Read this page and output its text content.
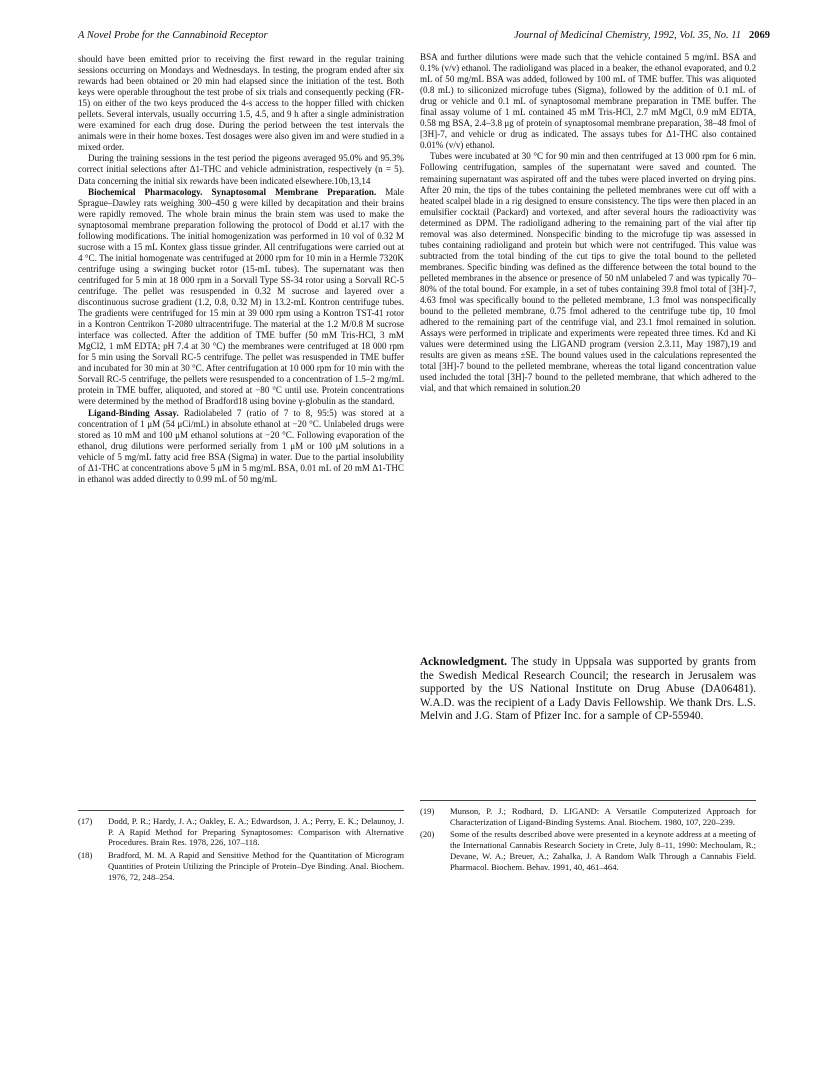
A Novel Probe for the Cannabinoid Receptor	Journal of Medicinal Chemistry, 1992, Vol. 35, No. 11 2069

should have been emitted prior to receiving the first reward in the regular training sessions occurring on Mondays and Wednesdays. In testing, the program ended after six rewards had been obtained or 20 min had elapsed since the initiation of the test. Both keys were operable throughout the test probe of six trials and consequently pecking (FR-15) on either of the two keys produced the 4-s access to the hopper filled with chicken pellets. Several intervals, usually occurring 1.5, 4.5, and 9 h after a single administration were examined for each drug dose. During the period between the test intervals the animals were in their home boxes. Test dosages were also given im and were studied in a mixed order.

During the training sessions in the test period the pigeons averaged 95.0% and 95.3% correct initial selections after Δ1-THC and vehicle administration, respectively (n = 5). Data concerning the initial six rewards have been indicated elsewhere.10b,13,14

Biochemical Pharmacology. Synaptosomal Membrane Preparation. Male Sprague–Dawley rats weighing 300–450 g were killed by decapitation and their brains were rapidly removed. The whole brain minus the brain stem was used to make the synaptosomal membrane preparation following the protocol of Dodd et al.17 with the following modifications. The initial homogenization was performed in 10 vol of 0.32 M sucrose with a 15 mL Kontex glass tissue grinder. All centrifugations were carried out at 4 °C. The initial homogenate was centrifuged at 2000 rpm for 10 min in a Hermle 7320K centrifuge using a swinging bucket rotor (15-mL tubes). The supernatant was then centrifuged for 5 min at 18 000 rpm in a Sorvall Type SS-34 rotor using a Sorvall RC-5 centrifuge. The pellet was resuspended in 0.32 M sucrose and layered over a discontinuous sucrose gradient (1.2, 0.8, 0.32 M) in 13.2-mL Kontron centrifuge tubes. The gradients were centrifuged for 15 min at 39 000 rpm using a Kontron TST-41 rotor in a Kontron Centrikon T-2080 ultracentrifuge. The material at the 1.2 M/0.8 M sucrose interface was collected. After the addition of TME buffer (50 mM Tris-HCl, 3 mM MgCl2, 1 mM EDTA; pH 7.4 at 30 °C) the membranes were centrifuged at 18 000 rpm for 5 min using the Sorvall RC-5 centrifuge. The pellet was resuspended in TME buffer and incubated for 30 min at 30 °C. After centrifugation at 10 000 rpm for 10 min with the Sorvall RC-5 centrifuge, the pellets were resuspended to a concentration of 1.5–2 mg/mL protein in TME buffer, aliquoted, and stored at −80 °C until use. Protein concentrations were determined by the method of Bradford18 using bovine γ-globulin as the standard.

Ligand-Binding Assay. Radiolabeled 7 (ratio of 7 to 8, 95:5) was stored at a concentration of 1 μM (54 μCi/mL) in absolute ethanol at −20 °C. Unlabeled drugs were stored as 10 mM and 100 μM ethanol solutions at −20 °C. Following evaporation of the ethanol, drug dilutions were performed serially from 1 μM or 100 μM solutions in a vehicle of 5 mg/mL fatty acid free BSA (Sigma) in water. Due to the partial insolubility of Δ1-THC at concentrations above 5 μM in 5 mg/mL BSA, 0.01 mL of 20 mM Δ1-THC in ethanol was added directly to 0.99 mL of 50 mg/mL

BSA and further dilutions were made such that the vehicle contained 5 mg/mL BSA and 0.1% (v/v) ethanol. The radioligand was placed in a beaker, the ethanol evaporated, and 0.2 mL of 50 mg/mL BSA was added, followed by 100 mL of TME buffer. This was aliquoted (0.8 mL) to siliconized microfuge tubes (Sigma), followed by the addition of 0.1 mL of drug or vehicle and 0.1 mL of synaptosomal membrane preparation in TME buffer. The final assay volume of 1 mL contained 45 mM Tris-HCl, 2.7 mM MgCl, 0.9 mM EDTA, 0.58 mg BSA, 2.4–3.8 μg of protein of synaptosomal membrane preparation, 38–48 fmol of [3H]-7, and vehicle or drug as indicated. The assays tubes for Δ1-THC also contained 0.01% (v/v) ethanol.

Tubes were incubated at 30 °C for 90 min and then centrifuged at 13 000 rpm for 6 min. Following centrifugation, samples of the supernatant were saved and counted. The remaining supernatant was aspirated off and the tubes were placed inverted on drying pins. After 20 min, the tips of the tubes containing the pelleted membranes were cut off with a heated scalpel blade in a rig designed to ensure consistency. The tips were then placed in an emulsifier cocktail (Packard) and vortexed, and after several hours the radioactivity was determined as DPM. The radioligand adhering to the remaining part of the vial after tip removal was also determined. Nonspecific binding to the microfuge tip was assessed in tubes containing radioligand and protein but which were not centrifuged. This value was subtracted from the total binding of the cut tips to give the total bound to the pelleted membranes. Specific binding was defined as the difference between the total bound to the pelleted membranes in the absence or presence of 50 nM unlabeled 7 and was typically 70–80% of the total bound. For example, in a set of tubes containing 39.8 fmol total of [3H]-7, 4.63 fmol was specifically bound to the pelleted membrane, 1.3 fmol was nonspecifically bound to the pelleted membrane, 0.75 fmol adhered to the centrifuge tube tip, 10 fmol adhered to the remaining part of the centrifuge vial, and 23.1 fmol remained in solution. Assays were performed in triplicate and experiments were repeated three times. Kd and Ki values were determined using the LIGAND program (version 2.3.11, May 1987),19 and results are given as means ±SE. The bound values used in the calculations represented the total [3H]-7 bound to the pelleted membrane, whereas the total ligand concentration value used included the total [3H]-7 bound to the pelleted membrane, that which adhered to the vial, and that which remained in solution.20

Acknowledgment. The study in Uppsala was supported by grants from the Swedish Medical Research Council; the research in Jerusalem was supported by the US National Institute on Drug Abuse (DA06481). W.A.D. was the recipient of a Lady Davis Fellowship. We thank Drs. L.S. Melvin and J.G. Stam of Pfizer Inc. for a sample of CP-55940.
(17) Dodd, P. R.; Hardy, J. A.; Oakley, E. A.; Edwardson, J. A.; Perry, E. K.; Delaunoy, J. P. A Rapid Method for Preparing Synaptosomes: Comparison with Alternative Procedures. Brain Res. 1978, 226, 107–118.
(18) Bradford, M. M. A Rapid and Sensitive Method for the Quantitation of Microgram Quantities of Protein Utilizing the Principle of Protein–Dye Binding. Anal. Biochem. 1976, 72, 248–254.
(19) Munson, P. J.; Rodbard, D. LIGAND: A Versatile Computerized Approach for Characterization of Ligand-Binding Systems. Anal. Biochem. 1980, 107, 220–239.
(20) Some of the results described above were presented in a keynote address at a meeting of the International Cannabis Research Society in Crete, July 8–11, 1990: Mechoulam, R.; Devane, W. A.; Breuer, A.; Zahalka, J. A Random Walk Through a Cannabis Field. Pharmacol. Biochem. Behav. 1991, 40, 461–464.
